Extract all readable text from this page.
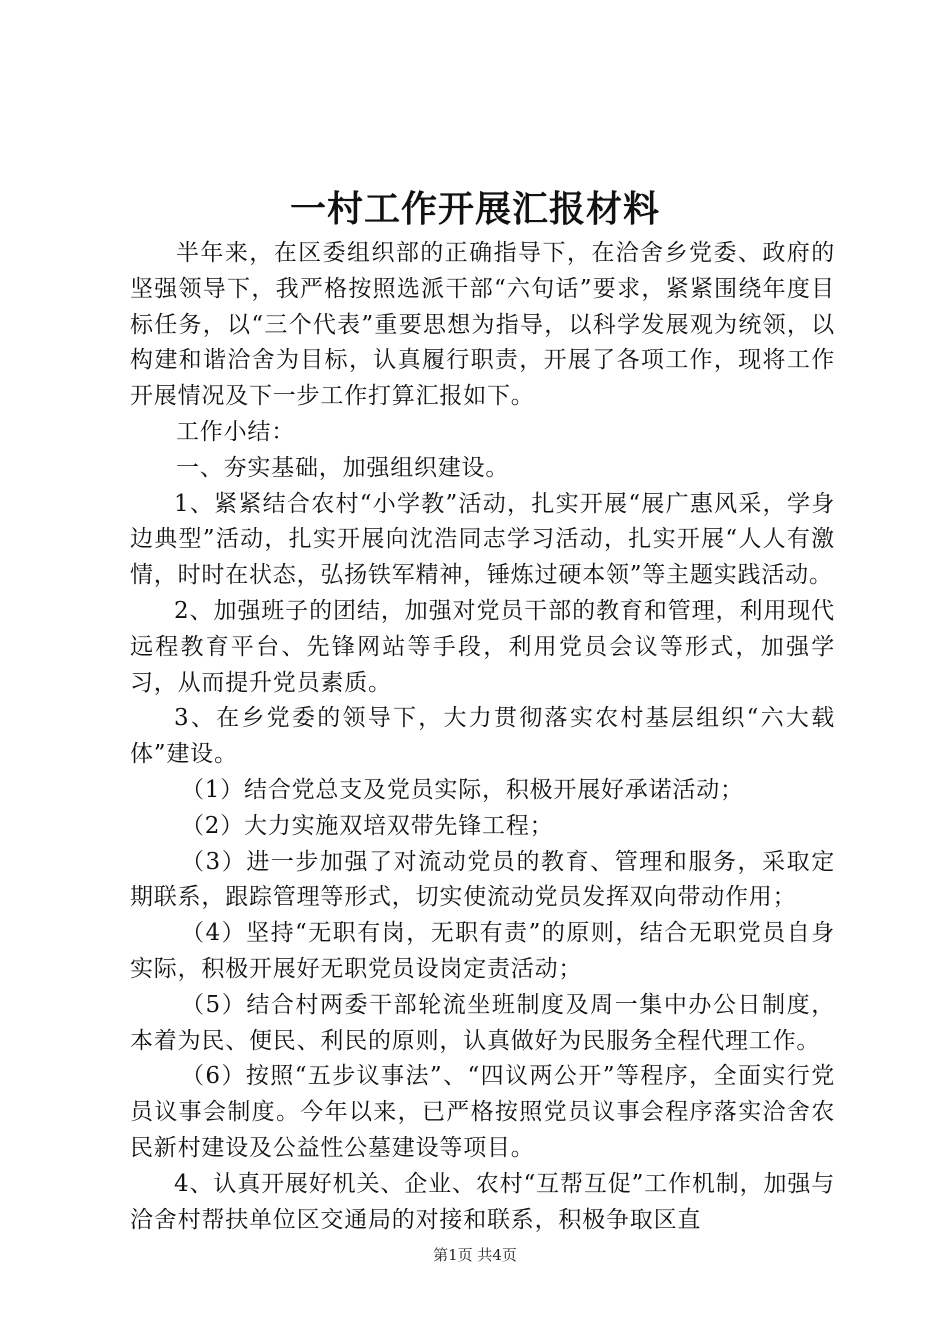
一村工作开展汇报材料

半年来，在区委组织部的正确指导下，在洽舍乡党委、政府的坚强领导下，我严格按照选派干部“六句话”要求，紧紧围绕年度目标任务，以“三个代表”重要思想为指导，以科学发展观为统领，以构建和谐洽舍为目标，认真履行职责，开展了各项工作，现将工作开展情况及下一步工作打算汇报如下。

工作小结：

一、夯实基础，加强组织建设。

1、紧紧结合农村“小学教”活动，扎实开展“展广惠风采，学身边典型”活动，扎实开展向沈浩同志学习活动，扎实开展“人人有激情，时时在状态，弘扬铁军精神，锤炼过硬本领”等主题实践活动。

2、加强班子的团结，加强对党员干部的教育和管理，利用现代远程教育平台、先锋网站等手段，利用党员会议等形式，加强学习，从而提升党员素质。

3、在乡党委的领导下，大力贯彻落实农村基层组织“六大载体”建设。

（1）结合党总支及党员实际，积极开展好承诺活动；

（2）大力实施双培双带先锋工程；

（3）进一步加强了对流动党员的教育、管理和服务，采取定期联系，跟踪管理等形式，切实使流动党员发挥双向带动作用；

（4）坚持“无职有岗，无职有责”的原则，结合无职党员自身实际，积极开展好无职党员设岗定责活动；

（5）结合村两委干部轮流坐班制度及周一集中办公日制度，本着为民、便民、利民的原则，认真做好为民服务全程代理工作。

（6）按照“五步议事法”、“四议两公开”等程序，全面实行党员议事会制度。今年以来，已严格按照党员议事会程序落实洽舍农民新村建设及公益性公墓建设等项目。

4、认真开展好机关、企业、农村“互帮互促”工作机制，加强与洽舍村帮扶单位区交通局的对接和联系，积极争取区直

第1页 共4页
